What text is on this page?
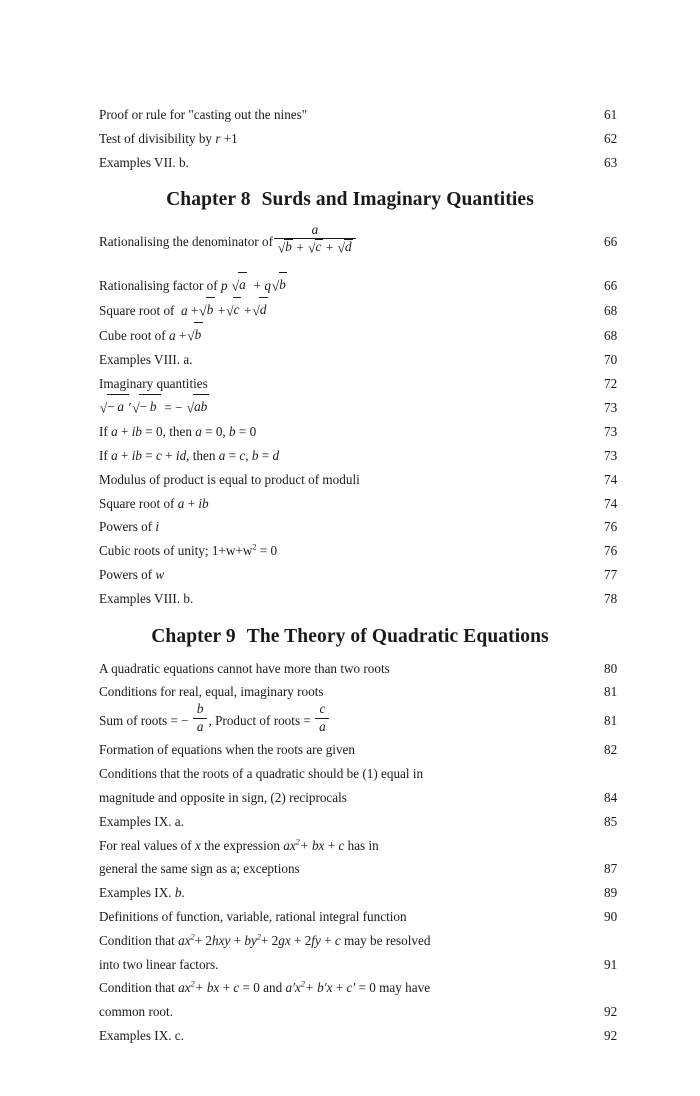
Proof or rule for "casting out the nines"	61
Test of divisibility by r +1	62
Examples VII. b.	63
Chapter 8 Surds and Imaginary Quantities
Rationalising the denominator of $\frac{a}{√b + √c + √d}$	66
Rationalising factor of p √a  + q√b	66
Square root of  a +√b +√c +√d	68
Cube root of a +√b	68
Examples VIII. a.	70
Imaginary quantities	72
√− a ′√− b  = − √ab	73
If a + ib = 0, then a = 0, b = 0	73
If a + ib = c + id, then a = c, b = d	73
Modulus of product is equal to product of moduli	74
Square root of a + ib	74
Powers of i	76
Cubic roots of unity; $1+w+w^2 = 0$	76
Powers of w	77
Examples VIII. b.	78
Chapter 9 The Theory of Quadratic Equations
A quadratic equations cannot have more than two roots	80
Conditions for real, equal, imaginary roots	81
Sum of roots = − $\frac{b}{a}$ , Product of roots = $\frac{c}{a}$	81
Formation of equations when the roots are given	82
Conditions that the roots of a quadratic should be (1) equal in
magnitude and opposite in sign, (2) reciprocals	84
Examples IX. a.	85
For real values of x the expression $ax^2+$ bx + c has in
general the same sign as a; exceptions	87
Examples IX. b.	89
Definitions of function, variable, rational integral function	90
Condition that $ax^2+ 2hxy + by^2+ 2gx + 2fy + c$ may be resolved
into two linear factors.	91
Condition that $ax^2+$ bx + c = 0 and $a'x^2+ b'x + c' = 0$ may have
common root.	92
Examples IX. c.	92
